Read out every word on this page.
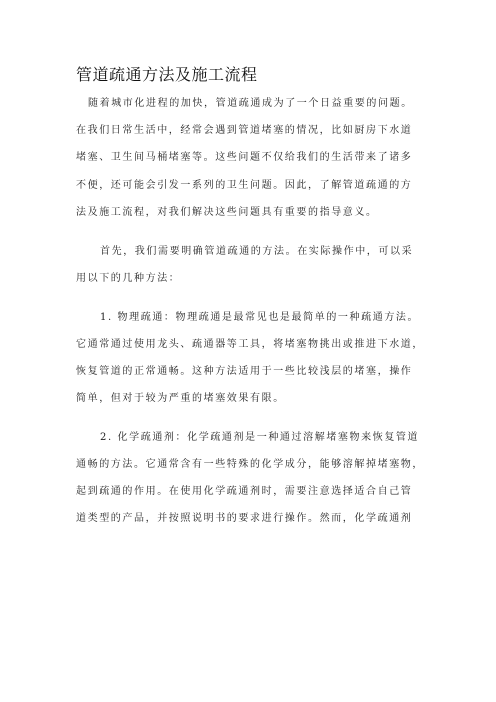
管道疏通方法及施工流程
随着城市化进程的加快，管道疏通成为了一个日益重要的问题。
在我们日常生活中，经常会遇到管道堵塞的情况，比如厨房下水道
堵塞、卫生间马桶堵塞等。这些问题不仅给我们的生活带来了诸多
不便，还可能会引发一系列的卫生问题。因此，了解管道疏通的方
法及施工流程，对我们解决这些问题具有重要的指导意义。
首先，我们需要明确管道疏通的方法。在实际操作中，可以采
用以下的几种方法：
1. 物理疏通：物理疏通是最常见也是最简单的一种疏通方法。
它通常通过使用龙头、疏通器等工具，将堵塞物挑出或推进下水道，
恢复管道的正常通畅。这种方法适用于一些比较浅层的堵塞，操作
简单，但对于较为严重的堵塞效果有限。
2. 化学疏通剂：化学疏通剂是一种通过溶解堵塞物来恢复管道
通畅的方法。它通常含有一些特殊的化学成分，能够溶解掉堵塞物，
起到疏通的作用。在使用化学疏通剂时，需要注意选择适合自己管
道类型的产品，并按照说明书的要求进行操作。然而，化学疏通剂
